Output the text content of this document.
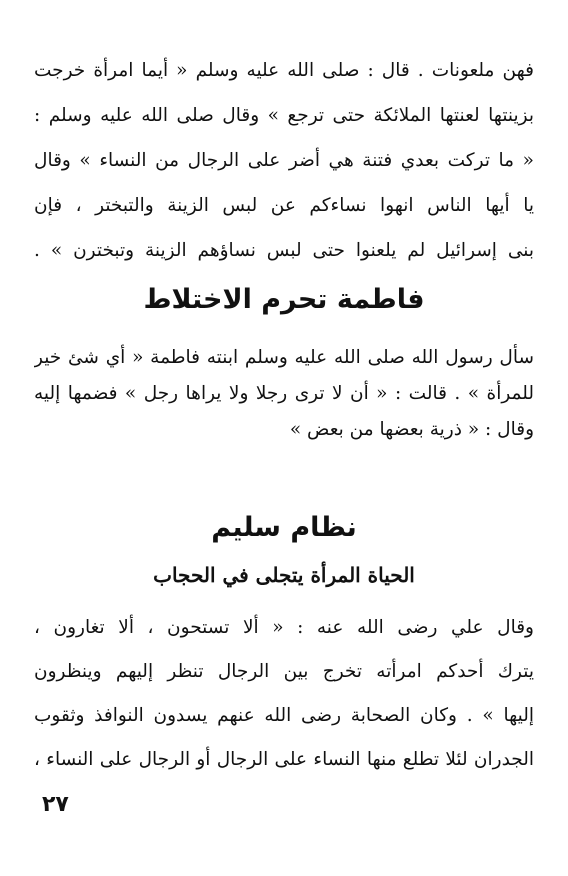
فهن ملعونات . قال : صلى الله عليه وسلم « أيما امرأة خرجت
بزينتها لعنتها الملائكة حتى ترجع » وقال صلى الله عليه وسلم :
« ما تركت بعدي فتنة هي أضر على الرجال من النساء » وقال
يا أيها الناس انهوا نساءكم عن لبس الزينة والتبختر ، فإن
بنى إسرائيل لم يلعنوا حتى لبس نساؤهم الزينة وتبخترن » .
فاطمة تحرم الاختلاط
سأل رسول الله صلى الله عليه وسلم ابنته فاطمة « أي شئ خير
للمرأة » . قالت : « أن لا ترى رجلا ولا يراها رجل » فضمها إليه
وقال : « ذرية بعضها من بعض »
نظام سليم
الحياة المرأة يتجلى في الحجاب
وقال علي رضى الله عنه : « ألا تستحون ، ألا تغارون ،
يترك أحدكم امرأته تخرج بين الرجال تنظر إليهم وينظرون
إليها » . وكان الصحابة رضى الله عنهم يسدون النوافذ وثقوب
الجدران لئلا تطلع منها النساء على الرجال أو الرجال على النساء ،
٢٧
